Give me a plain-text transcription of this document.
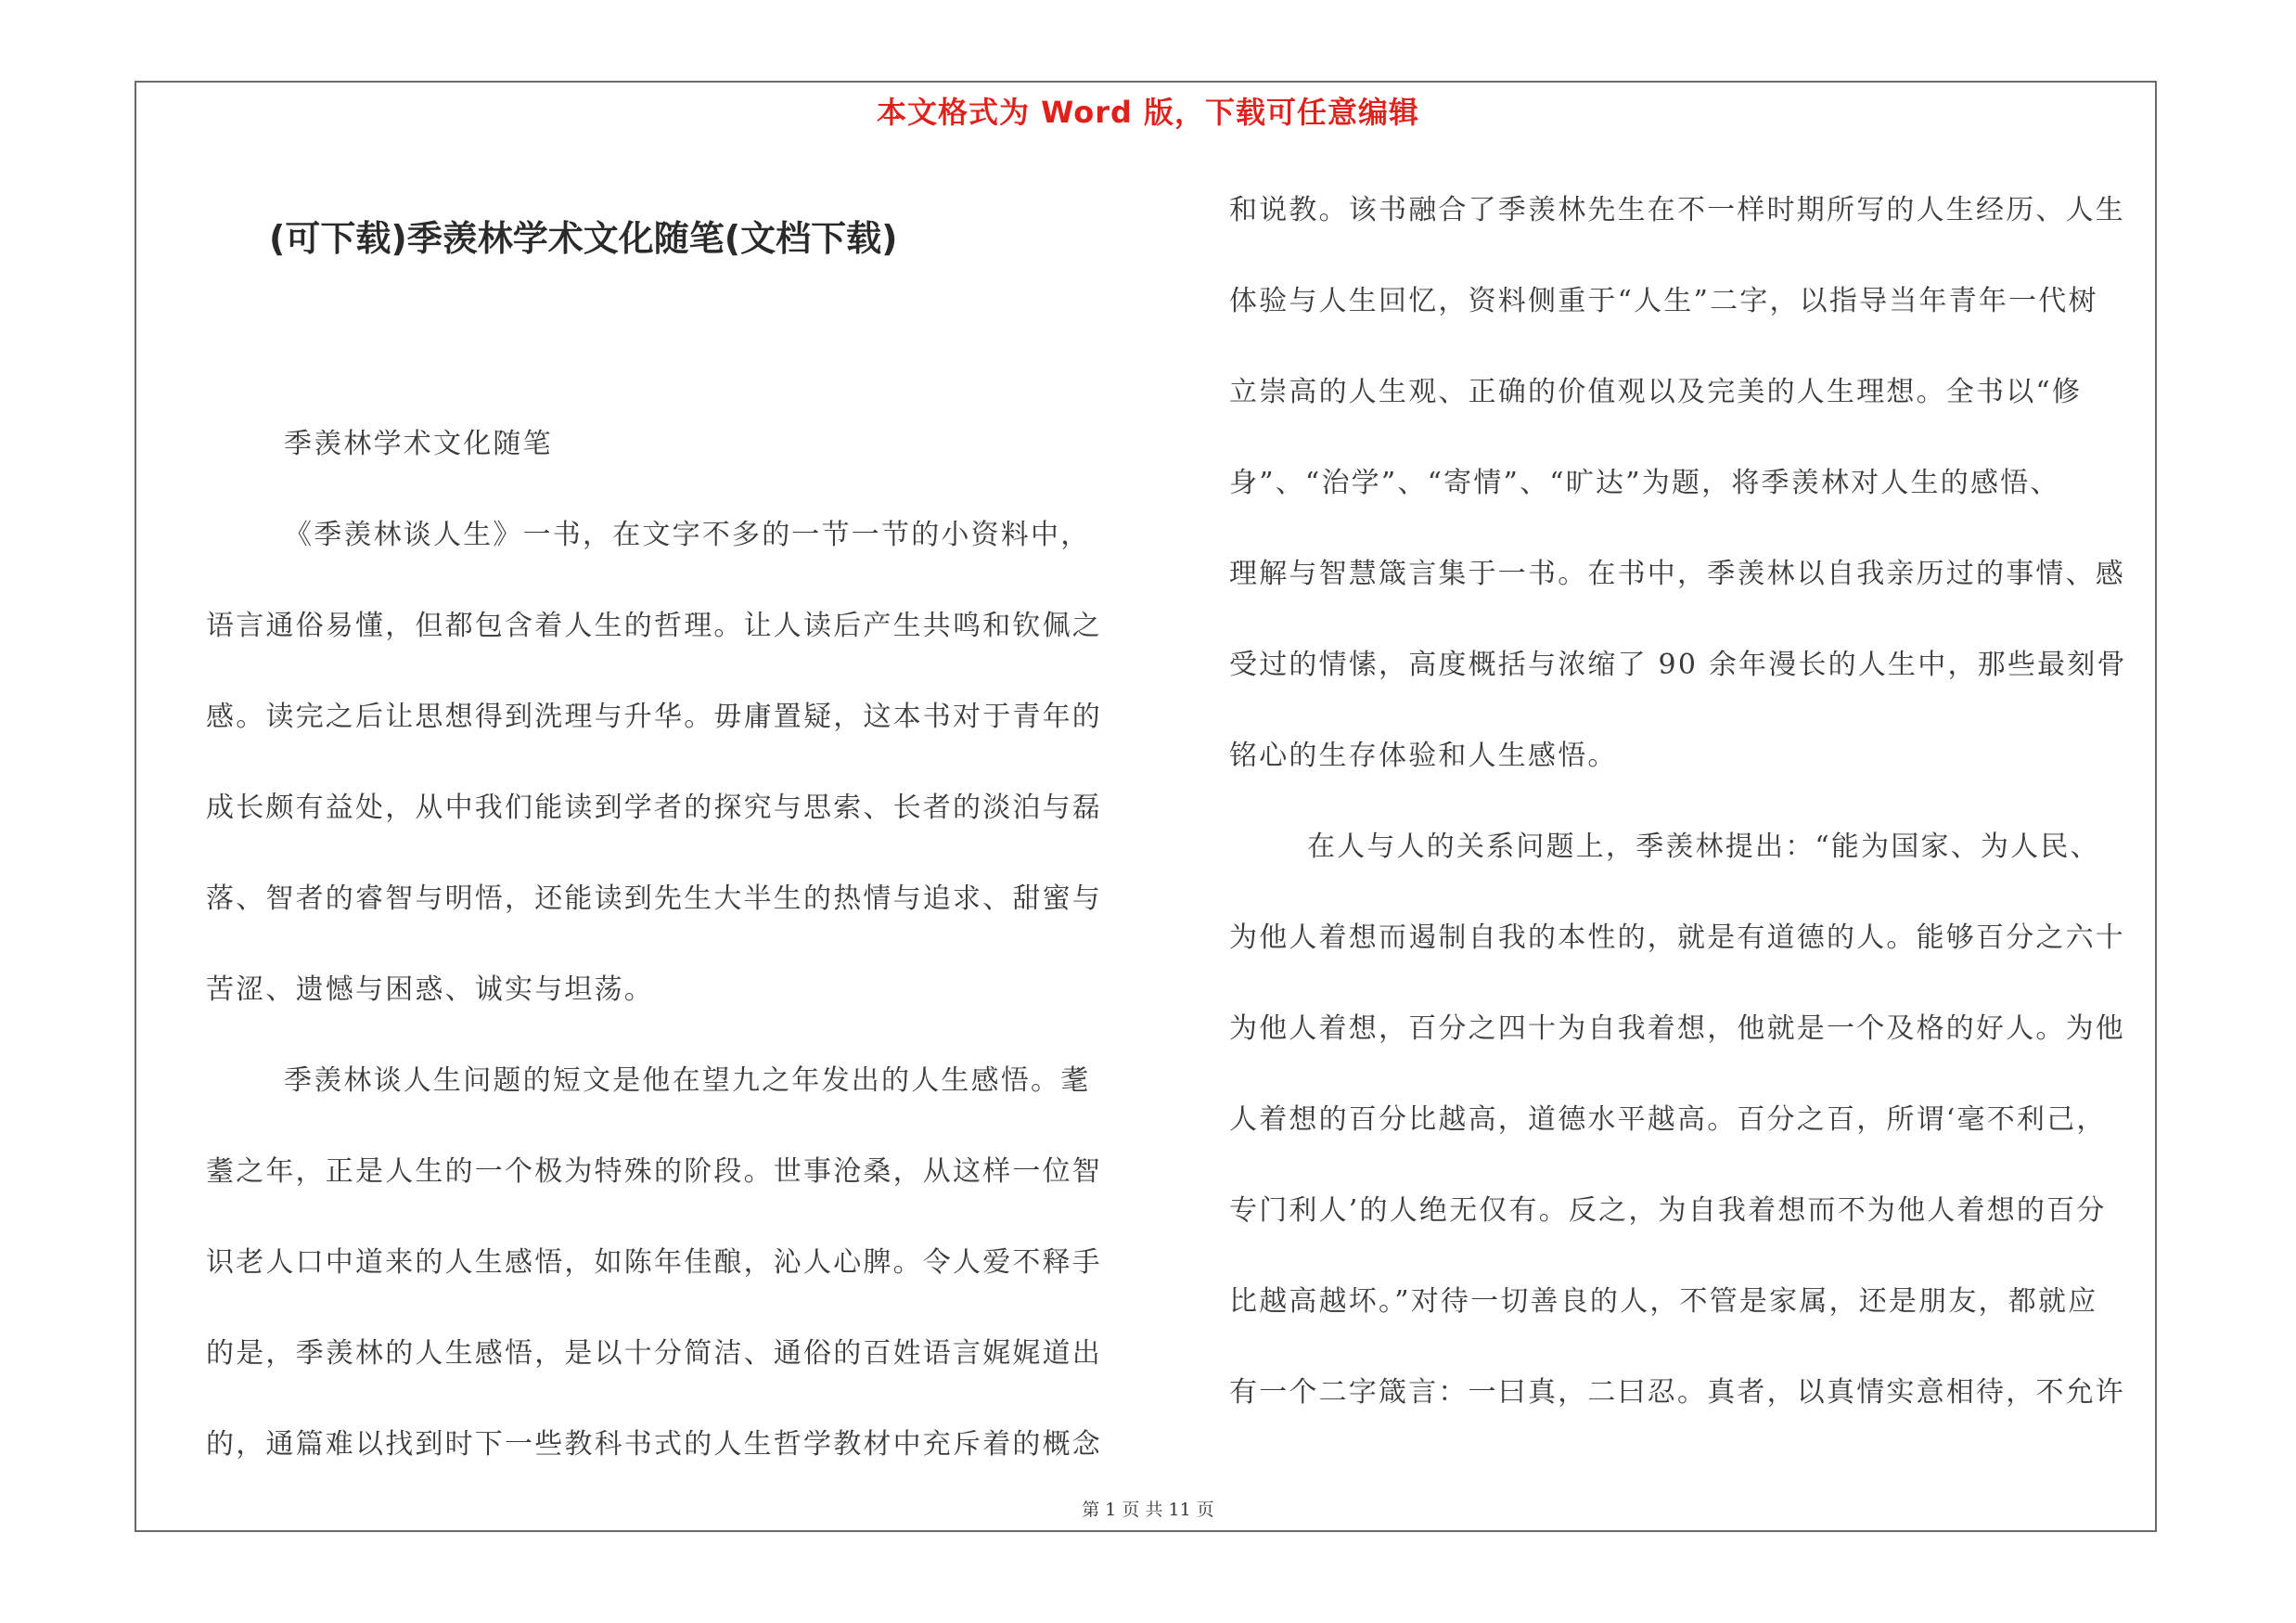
本文格式为 Word 版，下载可任意编辑
(可下载)季羡林学术文化随笔(文档下载)
季羡林学术文化随笔
《季羡林谈人生》一书，在文字不多的一节一节的小资料中，
语言通俗易懂，但都包含着人生的哲理。让人读后产生共鸣和钦佩之
感。读完之后让思想得到洗理与升华。毋庸置疑，这本书对于青年的
成长颇有益处，从中我们能读到学者的探究与思索、长者的淡泊与磊
落、智者的睿智与明悟，还能读到先生大半生的热情与追求、甜蜜与
苦涩、遗憾与困惑、诚实与坦荡。
季羡林谈人生问题的短文是他在望九之年发出的人生感悟。耄
耋之年，正是人生的一个极为特殊的阶段。世事沧桑，从这样一位智
识老人口中道来的人生感悟，如陈年佳酿，沁人心脾。令人爱不释手
的是，季羡林的人生感悟，是以十分简洁、通俗的百姓语言娓娓道出
的，通篇难以找到时下一些教科书式的人生哲学教材中充斥着的概念
和说教。该书融合了季羡林先生在不一样时期所写的人生经历、人生
体验与人生回忆，资料侧重于“人生”二字，以指导当年青年一代树
立崇高的人生观、正确的价值观以及完美的人生理想。全书以“修
身”、“治学”、“寄情”、“旷达”为题，将季羡林对人生的感悟、
理解与智慧箴言集于一书。在书中，季羡林以自我亲历过的事情、感
受过的情愫，高度概括与浓缩了 90 余年漫长的人生中，那些最刻骨
铭心的生存体验和人生感悟。
在人与人的关系问题上，季羡林提出：“能为国家、为人民、
为他人着想而遏制自我的本性的，就是有道德的人。能够百分之六十
为他人着想，百分之四十为自我着想，他就是一个及格的好人。为他
人着想的百分比越高，道德水平越高。百分之百，所谓‘毫不利己，
专门利人’的人绝无仅有。反之，为自我着想而不为他人着想的百分
比越高越坏。”对待一切善良的人，不管是家属，还是朋友，都就应
有一个二字箴言：一曰真，二曰忍。真者，以真情实意相待，不允许
第 1 页 共 11 页
